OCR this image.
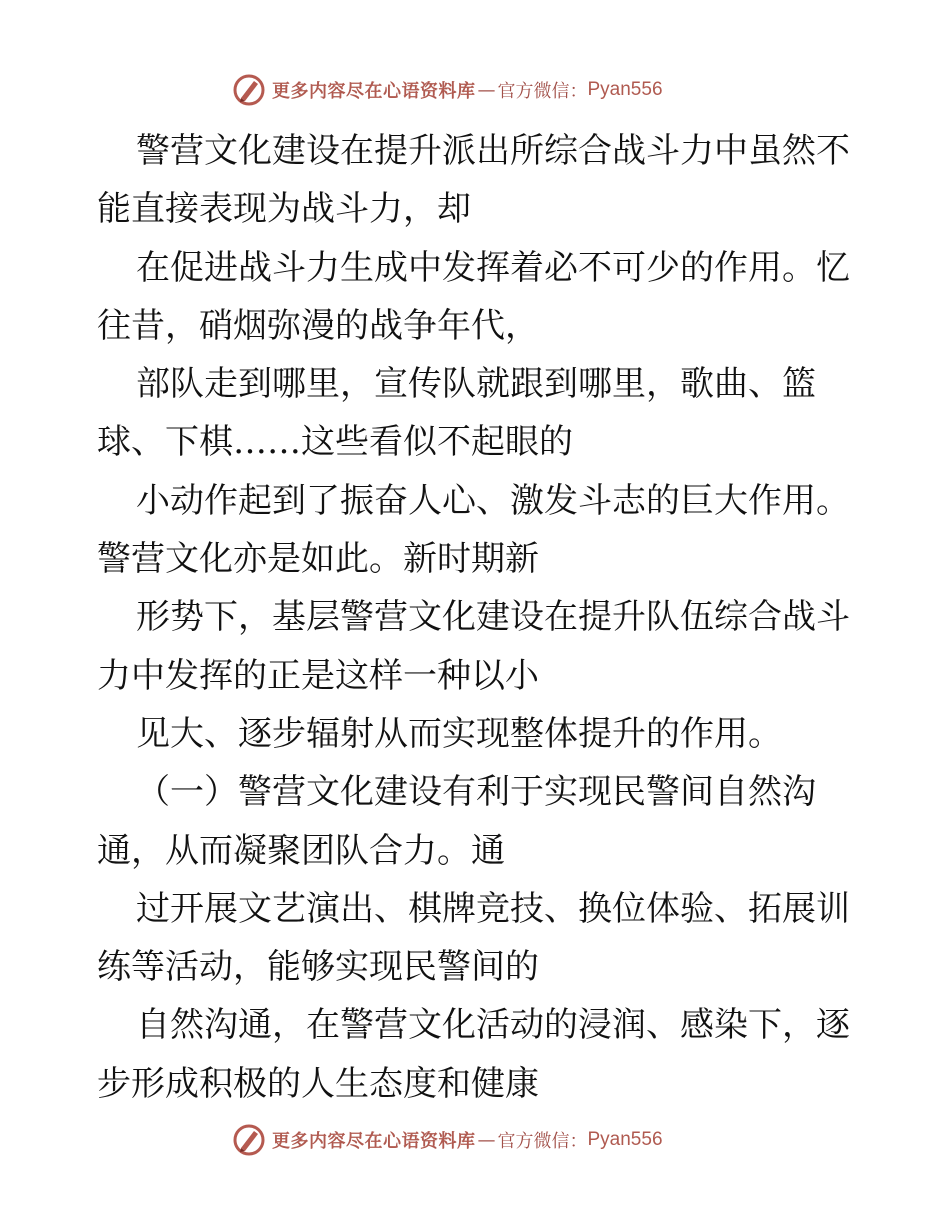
更多内容尽在心语资料库 — 官方微信： Pyan556
警营文化建设在提升派出所综合战斗力中虽然不
能直接表现为战斗力，却
在促进战斗力生成中发挥着必不可少的作用。忆
往昔，硝烟弥漫的战争年代，
部队走到哪里，宣传队就跟到哪里，歌曲、篮
球、下棋……这些看似不起眼的
小动作起到了振奋人心、激发斗志的巨大作用。
警营文化亦是如此。新时期新
形势下，基层警营文化建设在提升队伍综合战斗
力中发挥的正是这样一种以小
见大、逐步辐射从而实现整体提升的作用。
（一）警营文化建设有利于实现民警间自然沟
通，从而凝聚团队合力。通
过开展文艺演出、棋牌竞技、换位体验、拓展训
练等活动，能够实现民警间的
自然沟通，在警营文化活动的浸润、感染下，逐
步形成积极的人生态度和健康
更多内容尽在心语资料库 — 官方微信： Pyan556
